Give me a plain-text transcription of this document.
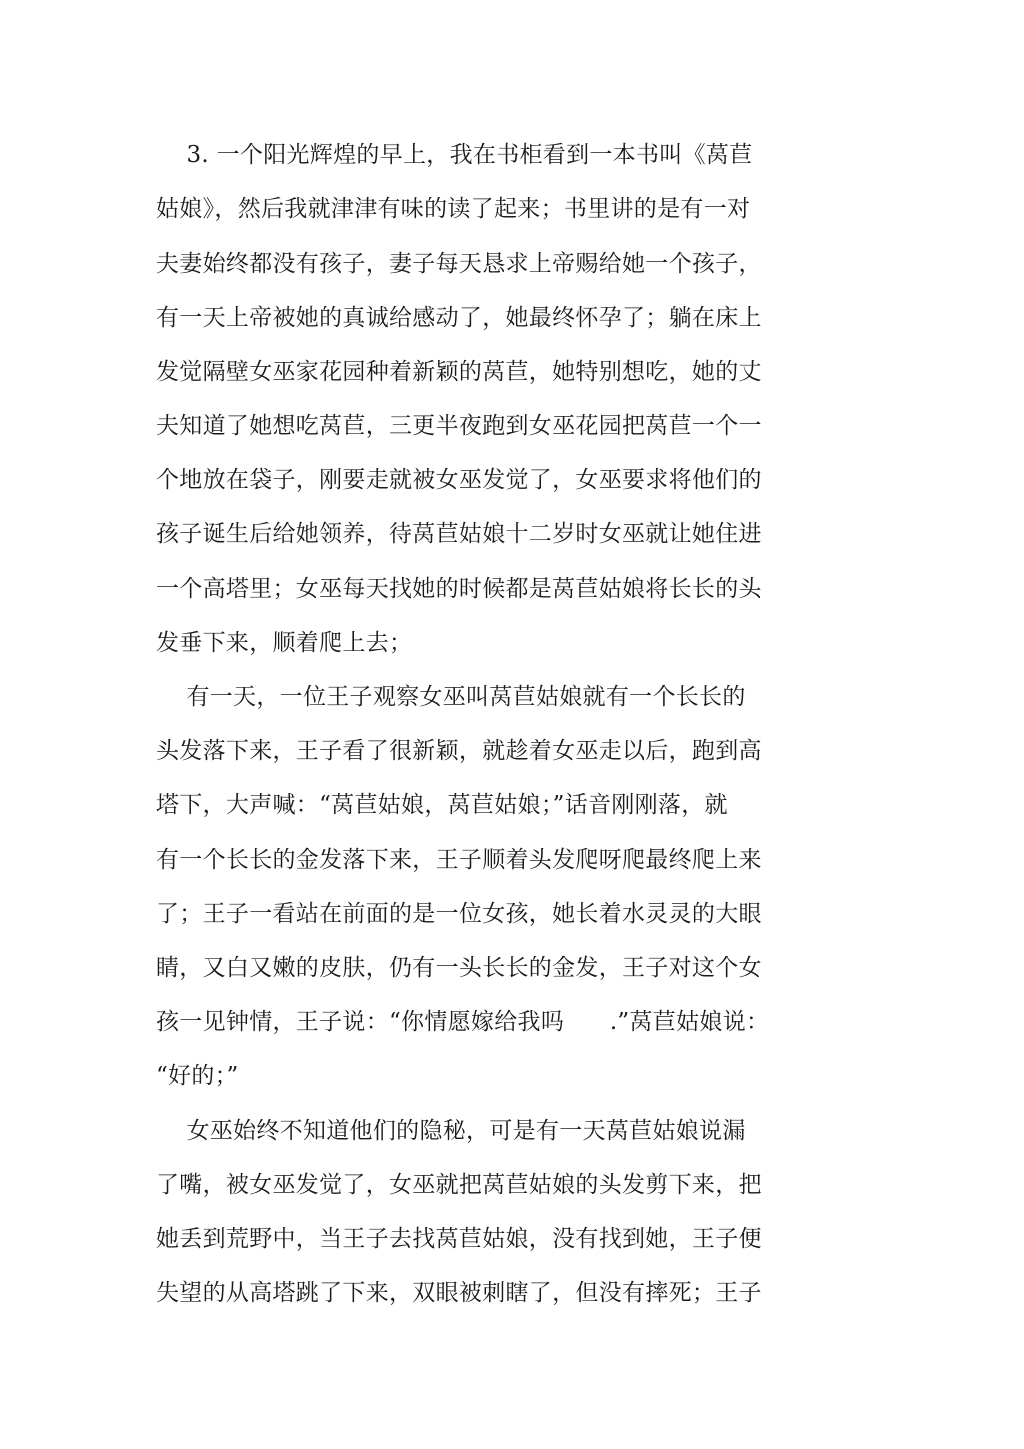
3. 一个阳光辉煌的早上，我在书柜看到一本书叫《莴苣
姑娘》，然后我就津津有味的读了起来；书里讲的是有一对
夫妻始终都没有孩子，妻子每天恳求上帝赐给她一个孩子，
有一天上帝被她的真诚给感动了，她最终怀孕了；躺在床上
发觉隔壁女巫家花园种着新颖的莴苣，她特别想吃，她的丈
夫知道了她想吃莴苣，三更半夜跑到女巫花园把莴苣一个一
个地放在袋子，刚要走就被女巫发觉了，女巫要求将他们的
孩子诞生后给她领养，待莴苣姑娘十二岁时女巫就让她住进
一个高塔里；女巫每天找她的时候都是莴苣姑娘将长长的头
发垂下来，顺着爬上去；
有一天，一位王子观察女巫叫莴苣姑娘就有一个长长的
头发落下来，王子看了很新颖，就趁着女巫走以后，跑到高
塔下，大声喊：“莴苣姑娘，莴苣姑娘；”话音刚刚落，就
有一个长长的金发落下来，王子顺着头发爬呀爬最终爬上来
了；王子一看站在前面的是一位女孩，她长着水灵灵的大眼
睛，又白又嫩的皮肤，仍有一头长长的金发，王子对这个女
孩一见钟情，王子说：“你情愿嫁给我吗      .”莴苣姑娘说：
“好的；”
女巫始终不知道他们的隐秘，可是有一天莴苣姑娘说漏
了嘴，被女巫发觉了，女巫就把莴苣姑娘的头发剪下来，把
她丢到荒野中，当王子去找莴苣姑娘，没有找到她，王子便
失望的从高塔跳了下来，双眼被刺瞎了，但没有摔死；王子
